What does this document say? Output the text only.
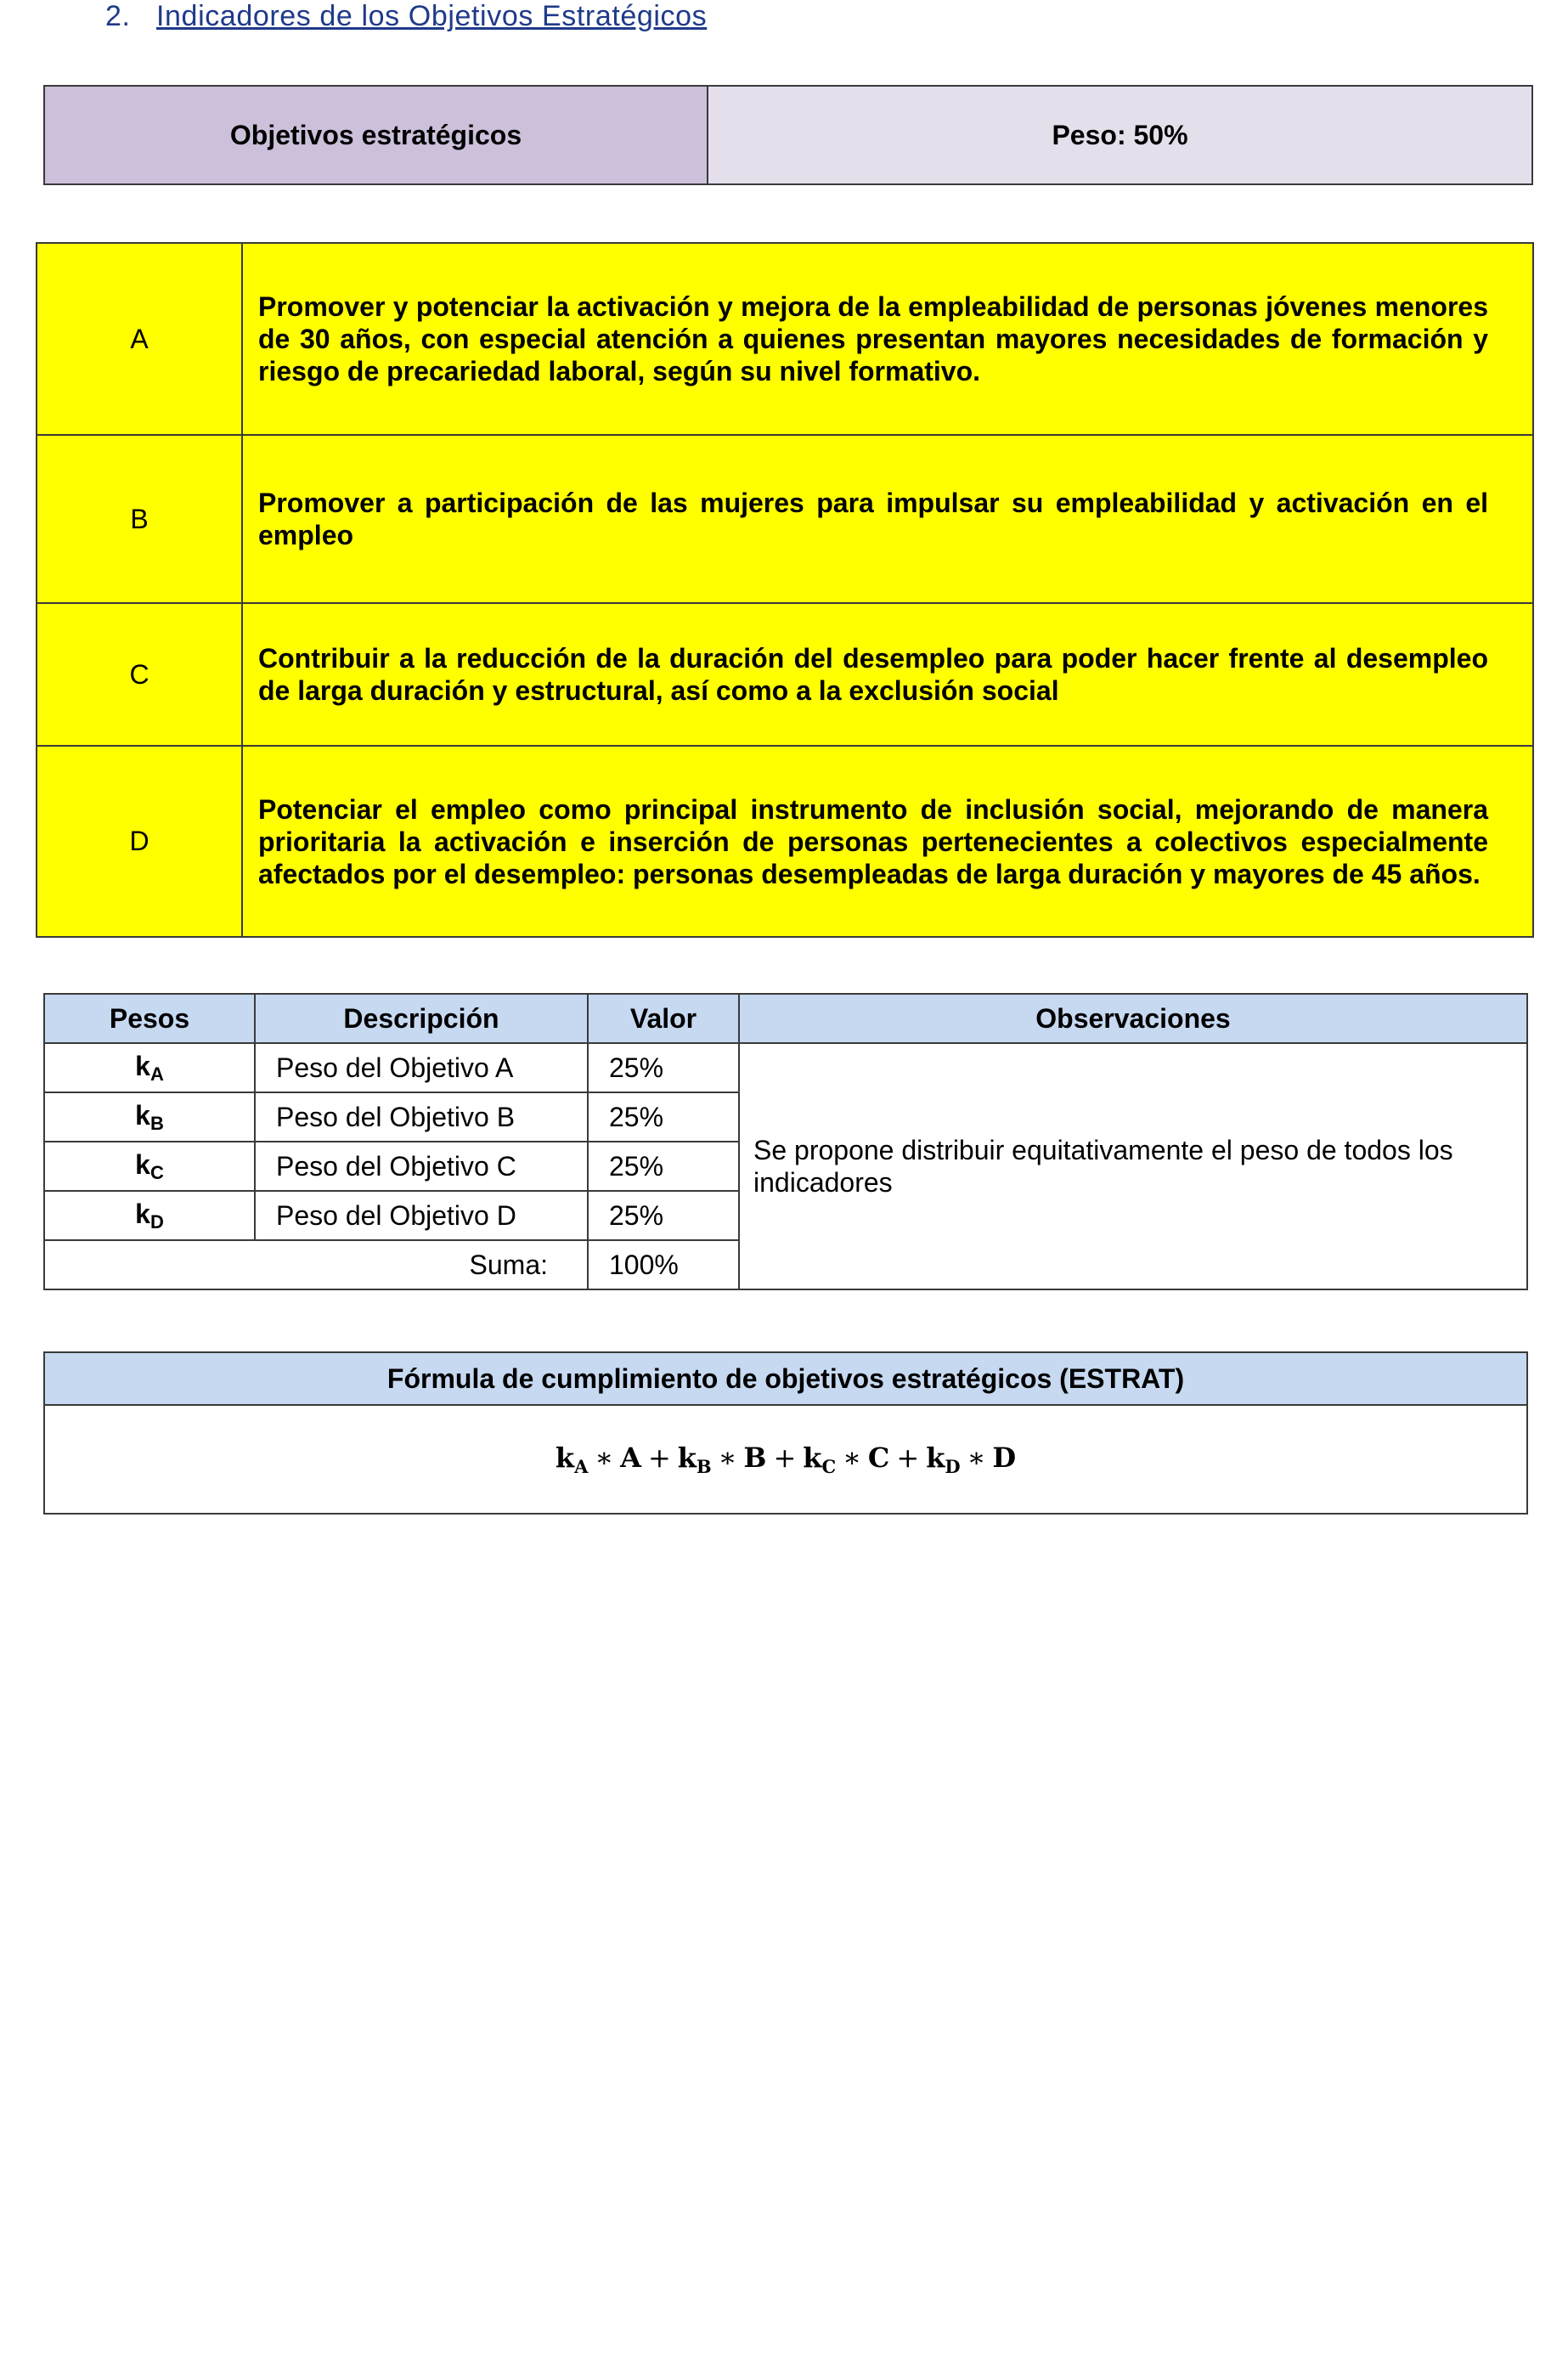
2. Indicadores de los Objetivos Estratégicos
Objetivos estratégicos	Peso: 50%
A	Promover y potenciar la activación y mejora de la empleabilidad de personas jóvenes menores de 30 años, con especial atención a quienes presentan mayores necesidades de formación y riesgo de precariedad laboral, según su nivel formativo.
B	Promover a participación de las mujeres para impulsar su empleabilidad y activación en el empleo
C	Contribuir a la reducción de la duración del desempleo para poder hacer frente al desempleo de larga duración y estructural, así como a la exclusión social
D	Potenciar el empleo como principal instrumento de inclusión social, mejorando de manera prioritaria la activación e inserción de personas pertenecientes a colectivos especialmente afectados por el desempleo: personas desempleadas de larga duración y mayores de 45 años.
Pesos	Descripción	Valor	Observaciones
$k_A$	Peso del Objetivo A	25%	Se propone distribuir equitativamente el peso de todos los indicadores
$k_B$	Peso del Objetivo B	25%	
$k_C$	Peso del Objetivo C	25%	
$k_D$	Peso del Objetivo D	25%	
Suma:		100%	
Fórmula de cumplimiento de objetivos estratégicos (ESTRAT)
$k_A$ ∗ $A + k_B$ ∗ $B + k_C$ ∗ $C + k_D$ ∗ D
